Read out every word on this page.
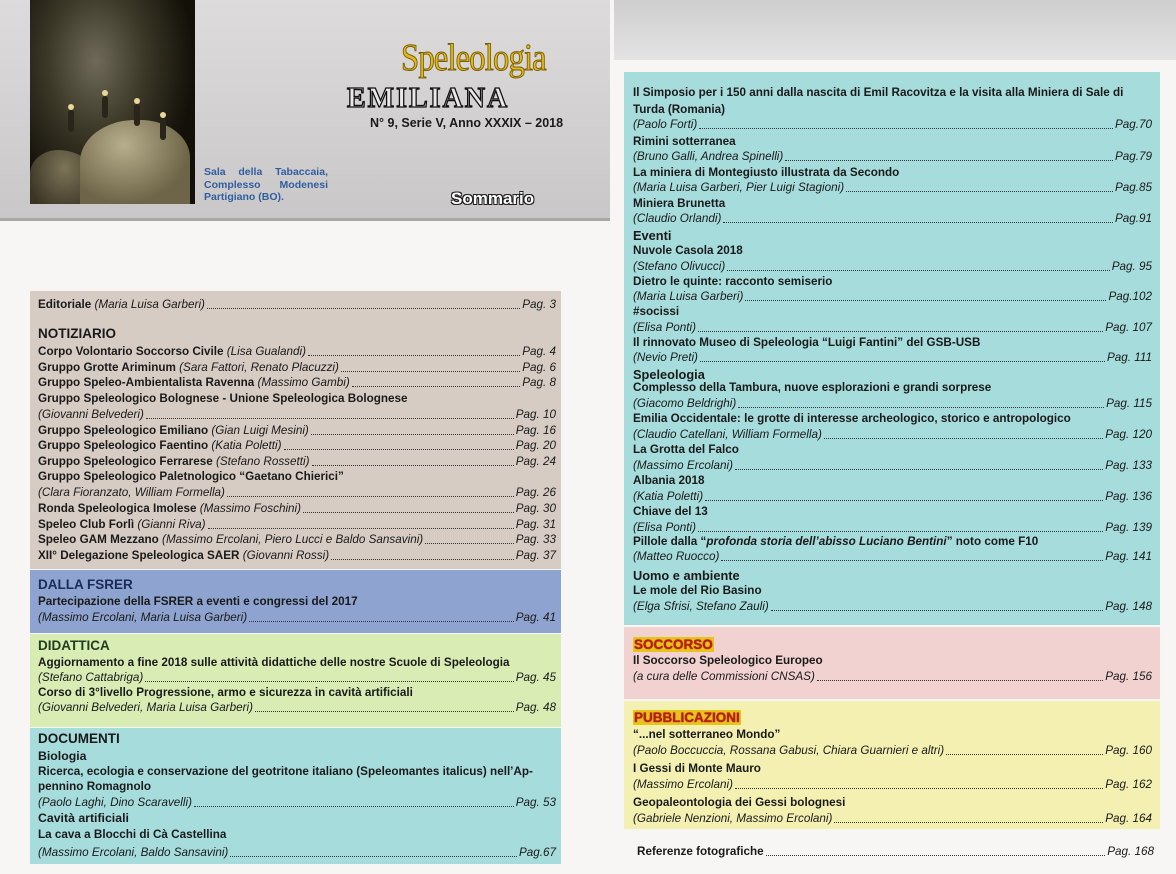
Sala della Tabaccaia, Complesso Modenesi Partigiano (BO).
Speleologia
EMILIANA
N° 9, Serie V, Anno XXXIX – 2018
Sommario
Editoriale (Maria Luisa Garberi)	Pag. 3
NOTIZIARIO
Corpo Volontario Soccorso Civile (Lisa Gualandi)	Pag. 4
Gruppo Grotte Ariminum (Sara Fattori, Renato Placuzzi)	Pag. 6
Gruppo Speleo-Ambientalista Ravenna (Massimo Gambi)	Pag. 8
Gruppo Speleologico Bolognese - Unione Speleologica Bolognese
(Giovanni Belvederi)	Pag. 10
Gruppo Speleologico Emiliano (Gian Luigi Mesini)	Pag. 16
Gruppo Speleologico Faentino (Katia Poletti)	Pag. 20
Gruppo Speleologico Ferrarese (Stefano Rossetti)	Pag. 24
Gruppo Speleologico Paletnologico “Gaetano Chierici”
(Clara Fioranzato, William Formella)	Pag. 26
Ronda Speleologica Imolese (Massimo Foschini)	Pag. 30
Speleo Club Forlì (Gianni Riva)	Pag. 31
Speleo GAM Mezzano (Massimo Ercolani, Piero Lucci e Baldo Sansavini)	Pag. 33
XII° Delegazione Speleologica SAER (Giovanni Rossi)	Pag. 37
DALLA FSRER
Partecipazione della FSRER a eventi e congressi del 2017
(Massimo Ercolani, Maria Luisa Garberi)	Pag. 41
DIDATTICA
Aggiornamento a fine 2018 sulle attività didattiche delle nostre Scuole di Speleologia
(Stefano Cattabriga)	Pag. 45
Corso di 3°livello Progressione, armo e sicurezza in cavità artificiali
(Giovanni Belvederi, Maria Luisa Garberi)	Pag. 48
DOCUMENTI
Biologia
Ricerca, ecologia e conservazione del geotritone italiano (Speleomantes italicus) nell’Ap-
pennino Romagnolo
(Paolo Laghi, Dino Scaravelli)	Pag. 53
Cavità artificiali
La cava a Blocchi di Cà Castellina
(Massimo Ercolani, Baldo Sansavini)	Pag.67
Il Simposio per i 150 anni dalla nascita di Emil Racovitza e la visita alla Miniera di Sale di
Turda (Romania)
(Paolo Forti)	Pag.70
Rimini sotterranea
(Bruno Galli, Andrea Spinelli)	Pag.79
La miniera di Montegiusto illustrata da Secondo
(Maria Luisa Garberi, Pier Luigi Stagioni)	Pag.85
Miniera Brunetta
(Claudio Orlandi)	Pag.91
Eventi
Nuvole Casola 2018
(Stefano Olivucci)	Pag. 95
Dietro le quinte: racconto semiserio
(Maria Luisa Garberi)	Pag.102
#socissi
(Elisa Ponti)	Pag. 107
Il rinnovato Museo di Speleologia “Luigi Fantini” del GSB-USB
(Nevio Preti)	Pag. 111
Speleologia
Complesso della Tambura, nuove esplorazioni e grandi sorprese
(Giacomo Beldrighi)	Pag. 115
Emilia Occidentale: le grotte di interesse archeologico, storico e antropologico
(Claudio Catellani, William Formella)	Pag. 120
La Grotta del Falco
(Massimo Ercolani)	Pag. 133
Albania 2018
(Katia Poletti)	Pag. 136
Chiave del 13
(Elisa Ponti)	Pag. 139
Pillole dalla “profonda storia dell’abisso Luciano Bentini” noto come F10
(Matteo Ruocco)	Pag. 141
Uomo e ambiente
Le mole del Rio Basino
(Elga Sfrisi, Stefano Zauli)	Pag. 148
SOCCORSO
Il Soccorso Speleologico Europeo
(a cura delle Commissioni CNSAS)	Pag. 156
PUBBLICAZIONI
“...nel sotterraneo Mondo”
(Paolo Boccuccia, Rossana Gabusi, Chiara Guarnieri e altri)	Pag. 160
I Gessi di Monte Mauro
(Massimo Ercolani)	Pag. 162
Geopaleontologia dei Gessi bolognesi
(Gabriele Nenzioni, Massimo Ercolani)	Pag. 164
Referenze fotografiche	Pag. 168
